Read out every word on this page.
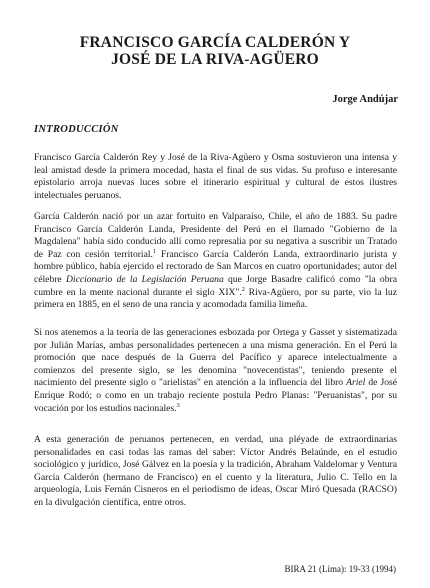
FRANCISCO GARCÍA CALDERÓN Y
JOSÉ DE LA RIVA-AGÜERO
Jorge Andújar
INTRODUCCIÓN

Francisco García Calderón Rey y José de la Riva-Agüero y Osma sostuvieron una intensa y leal amistad desde la primera mocedad, hasta el final de sus vidas. Su profuso e interesante epistolario arroja nuevas luces sobre el itinerario espiritual y cultural de estos ilustres intelectuales peruanos.

García Calderón nació por un azar fortuito en Valparaíso, Chile, el año de 1883. Su padre Francisco García Calderón Landa, Presidente del Perú en el llamado "Gobierno de la Magdalena" había sido conducido allí como represalia por su negativa a suscribir un Tratado de Paz con cesión territorial.$^1$ Francisco García Calderón Landa, extraordinario jurista y hombre público, había ejercido el rectorado de San Marcos en cuatro oportunidades; autor del célebre Diccionario de la Legislación Peruana que Jorge Basadre calificó como "la obra cumbre en la mente nacional durante el siglo XIX".$^2$ Riva-Agüero, por su parte, vio la luz primera en 1885, en el seno de una rancia y acomodada familia limeña.

Si nos atenemos a la teoría de las generaciones esbozada por Ortega y Gasset y sistematizada por Julián Marías, ambas personalidades pertenecen a una misma generación. En el Perú la promoción que nace después de la Guerra del Pacífico y aparece intelectualmente a comienzos del presente siglo, se les denomina "novecentistas", teniendo presente el nacimiento del presente siglo o "arielistas" en atención a la influencia del libro Ariel de José Enrique Rodó; o como en un trabajo reciente postula Pedro Planas: "Peruanistas", por su vocación por los estudios nacionales.$^3$

A esta generación de peruanos pertenecen, en verdad, una pléyade de extraordinarias personalidades en casi todas las ramas del saber: Víctor Andrés Belaúnde, en el estudio sociológico y jurídico, José Gálvez en la poesía y la tradición, Abraham Valdelomar y Ventura García Calderón (hermano de Francisco) en el cuento y la literatura, Julio C. Tello en la arqueología, Luis Fernán Cisneros en el periodismo de ideas, Oscar Miró Quesada (RACSO) en la divulgación científica, entre otros.

BIRA 21 (Lima): 19-33 (1994)
